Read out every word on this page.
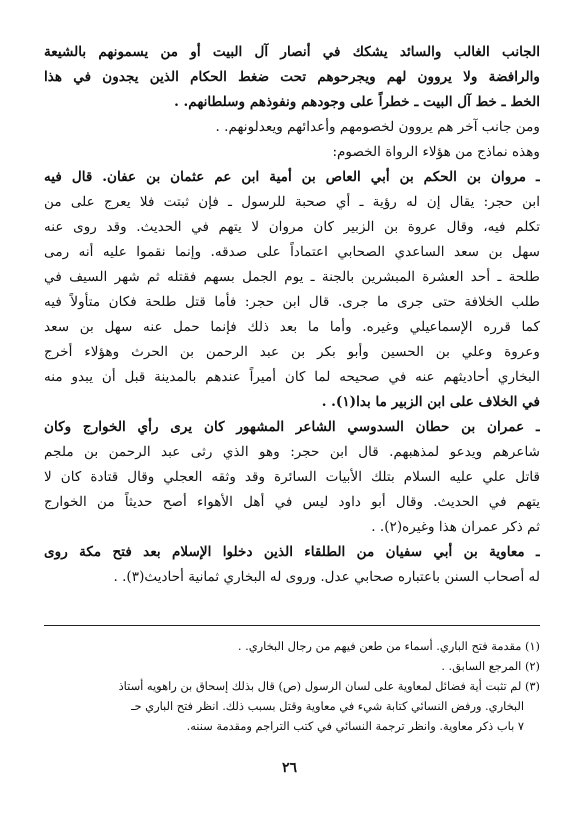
الجانب الغالب والسائد يشكك في أنصار آل البيت أو من يسمونهم بالشيعة
والرافضة ولا يروون لهم ويجرحوهم تحت ضغط الحكام الذين يجدون في هذا
الخط ـ خط آل البيت ـ خطراً على وجودهم ونفوذهم وسلطانهم. .
ومن جانب آخر هم يروون لخصومهم وأعدائهم ويعدلونهم. .
وهذه نماذج من هؤلاء الرواة الخصوم:
ـ مروان بن الحكم بن أبي العاص بن أمية ابن عم عثمان بن عفان. قال فيه
ابن حجر: يقال إن له رؤية ـ أي صحبة للرسول ـ فإن ثبتت فلا يعرج على من
تكلم فيه، وقال عروة بن الزبير كان مروان لا يتهم في الحديث. وقد روى عنه
سهل بن سعد الساعدي الصحابي اعتماداً على صدقه. وإنما نقموا عليه أنه رمى
طلحة ـ أحد العشرة المبشرين بالجنة ـ يوم الجمل بسهم فقتله ثم شهر السيف في
طلب الخلافة حتى جرى ما جرى. قال ابن حجر: فأما قتل طلحة فكان متأولاً فيه
كما قرره الإسماعيلي وغيره. وأما ما بعد ذلك فإنما حمل عنه سهل بن سعد
وعروة وعلي بن الحسين وأبو بكر بن عبد الرحمن بن الحرث وهؤلاء أخرج
البخاري أحاديثهم عنه في صحيحه لما كان أميراً عندهم بالمدينة قبل أن يبدو منه
في الخلاف على ابن الزبير ما بدا(١). .
ـ عمران بن حطان السدوسي الشاعر المشهور كان يرى رأي الخوارج وكان
شاعرهم ويدعو لمذهبهم. قال ابن حجر: وهو الذي رثى عبد الرحمن بن ملجم
قاتل علي عليه السلام بتلك الأبيات السائرة وقد وثقه العجلي وقال قتادة كان لا
يتهم في الحديث. وقال أبو داود ليس في أهل الأهواء أصح حديثاً من الخوارج
ثم ذكر عمران هذا وغيره(٢). .
ـ معاوية بن أبي سفيان من الطلقاء الذين دخلوا الإسلام بعد فتح مكة روى
له أصحاب السنن باعتباره صحابي عدل. وروى له البخاري ثمانية أحاديث(٣). .
(١) مقدمة فتح الباري. أسماء من طعن فيهم من رجال البخاري. .
(٢) المرجع السابق. .
(٣) لم تثبت أية فضائل لمعاوية على لسان الرسول (ص) قال بذلك إسحاق بن راهويه أستاذ
البخاري. ورفض النسائي كتابة شيء في معاوية وقتل بسبب ذلك. انظر فتح الباري حـ
٧ باب ذكر معاوية. وانظر ترجمة النسائي في كتب التراجم ومقدمة سننه.
٢٦
